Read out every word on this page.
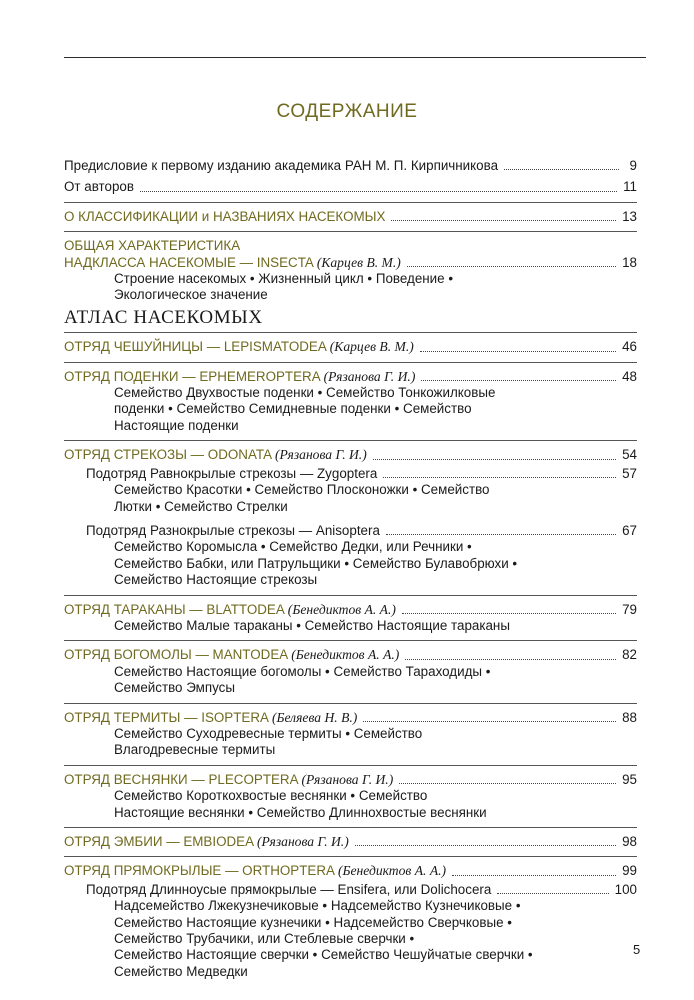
СОДЕРЖАНИЕ
Предисловие к первому изданию академика РАН М. П. Кирпичникова	9
От авторов	11
О КЛАССИФИКАЦИИ и НАЗВАНИЯХ НАСЕКОМЫХ	13
ОБЩАЯ ХАРАКТЕРИСТИКА
НАДКЛАССА НАСЕКОМЫЕ — INSECTA (Карцев В. М.)	18
Строение насекомых • Жизненный цикл • Поведение •
Экологическое значение
АТЛАС НАСЕКОМЫХ
ОТРЯД ЧЕШУЙНИЦЫ — LEPISMATODEA (Карцев В. М.)	46
ОТРЯД ПОДЕНКИ — EPHEMEROPTERA (Рязанова Г. И.)	48
Семейство Двухвостые поденки • Семейство Тонкожилковые
поденки • Семейство Семидневные поденки • Семейство
Настоящие поденки
ОТРЯД СТРЕКОЗЫ — ODONATA (Рязанова Г. И.)	54
Подотряд Равнокрылые стрекозы — Zygoptera	57
Семейство Красотки • Семейство Плосконожки • Семейство
Лютки • Семейство Стрелки
Подотряд Разнокрылые стрекозы — Anisoptera	67
Семейство Коромысла • Семейство Дедки, или Речники •
Семейство Бабки, или Патрульщики • Семейство Булавобрюхи •
Семейство Настоящие стрекозы
ОТРЯД ТАРАКАНЫ — BLATTODEA (Бенедиктов А. А.)	79
Семейство Малые тараканы • Семейство Настоящие тараканы
ОТРЯД БОГОМОЛЫ — MANTODEA (Бенедиктов А. А.)	82
Семейство Настоящие богомолы • Семейство Тараходиды •
Семейство Эмпусы
ОТРЯД ТЕРМИТЫ — ISOPTERA (Беляева Н. В.)	88
Семейство Суходревесные термиты • Семейство
Влагодревесные термиты
ОТРЯД ВЕСНЯНКИ — PLECOPTERA (Рязанова Г. И.)	95
Семейство Короткохвостые веснянки • Семейство
Настоящие веснянки • Семейство Длиннохвостые веснянки
ОТРЯД ЭМБИИ — EMBIODEA (Рязанова Г. И.)	98
ОТРЯД ПРЯМОКРЫЛЫЕ — ORTHOPTERA (Бенедиктов А. А.)	99
Подотряд Длинноусые прямокрылые — Ensifera, или Dolichocera	100
Надсемейство Лжекузнечиковые • Надсемейство Кузнечиковые •
Семейство Настоящие кузнечики • Надсемейство Сверчковые •
Семейство Трубачики, или Стеблевые сверчки •
Семейство Настоящие сверчки • Семейство Чешуйчатые сверчки •
Семейство Медведки
5
